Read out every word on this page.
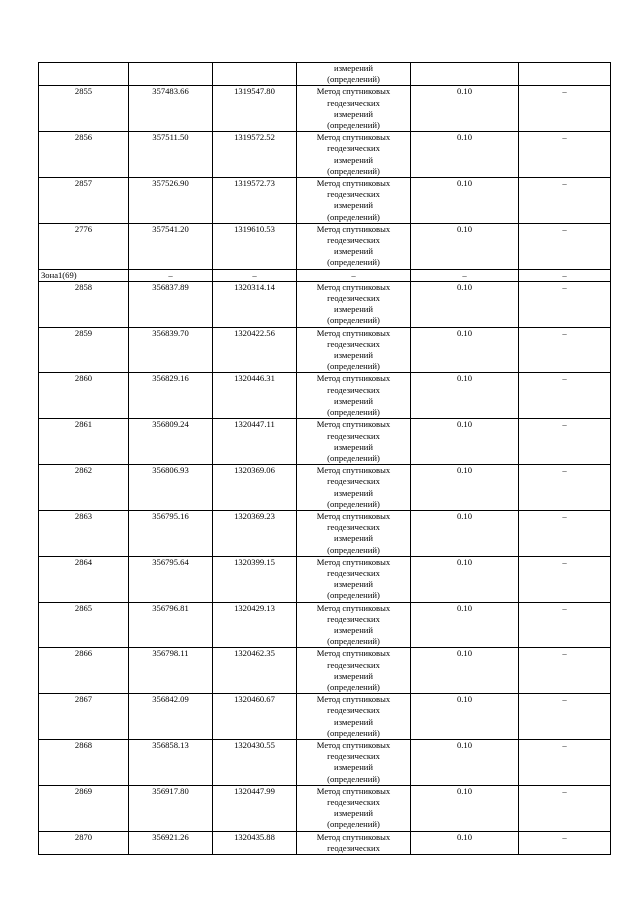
			измерений
(определений)		
2855	357483.66	1319547.80	Метод спутниковых
геодезических
измерений
(определений)	0.10	–
2856	357511.50	1319572.52	Метод спутниковых
геодезических
измерений
(определений)	0.10	–
2857	357526.90	1319572.73	Метод спутниковых
геодезических
измерений
(определений)	0.10	–
2776	357541.20	1319610.53	Метод спутниковых
геодезических
измерений
(определений)	0.10	–
Зона1(69)	–	–	–	–	–
2858	356837.89	1320314.14	Метод спутниковых
геодезических
измерений
(определений)	0.10	–
2859	356839.70	1320422.56	Метод спутниковых
геодезических
измерений
(определений)	0.10	–
2860	356829.16	1320446.31	Метод спутниковых
геодезических
измерений
(определений)	0.10	–
2861	356809.24	1320447.11	Метод спутниковых
геодезических
измерений
(определений)	0.10	–
2862	356806.93	1320369.06	Метод спутниковых
геодезических
измерений
(определений)	0.10	–
2863	356795.16	1320369.23	Метод спутниковых
геодезических
измерений
(определений)	0.10	–
2864	356795.64	1320399.15	Метод спутниковых
геодезических
измерений
(определений)	0.10	–
2865	356796.81	1320429.13	Метод спутниковых
геодезических
измерений
(определений)	0.10	–
2866	356798.11	1320462.35	Метод спутниковых
геодезических
измерений
(определений)	0.10	–
2867	356842.09	1320460.67	Метод спутниковых
геодезических
измерений
(определений)	0.10	–
2868	356858.13	1320430.55	Метод спутниковых
геодезических
измерений
(определений)	0.10	–
2869	356917.80	1320447.99	Метод спутниковых
геодезических
измерений
(определений)	0.10	–
2870	356921.26	1320435.88	Метод спутниковых
геодезических	0.10	–
